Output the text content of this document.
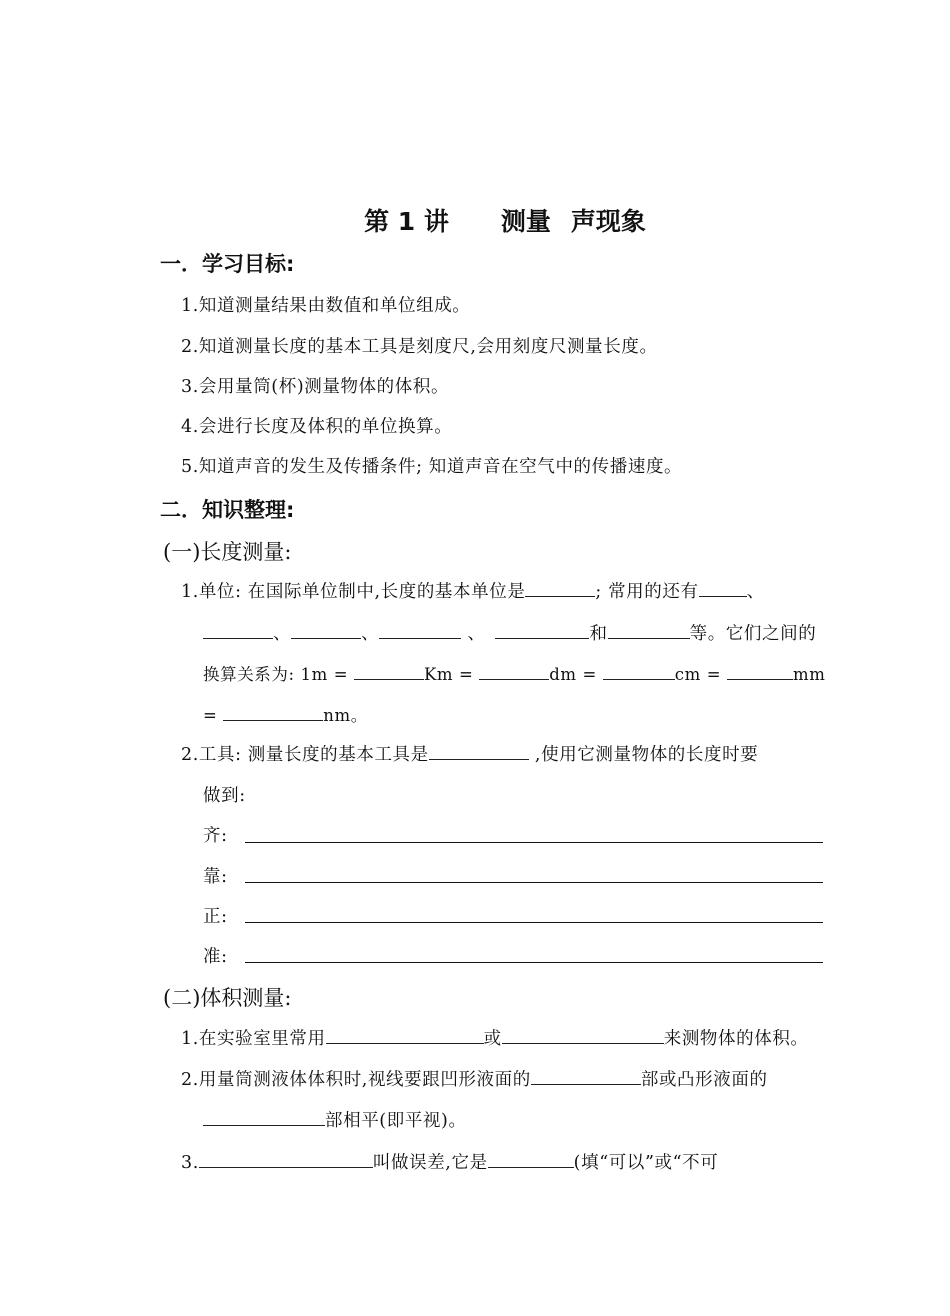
第 1 讲 测量 声现象
一．学习目标:
1.知道测量结果由数值和单位组成。
2.知道测量长度的基本工具是刻度尺,会用刻度尺测量长度。
3.会用量筒(杯)测量物体的体积。
4.会进行长度及体积的单位换算。
5.知道声音的发生及传播条件; 知道声音在空气中的传播速度。
二．知识整理:
(一)长度测量:
1.单位: 在国际单位制中,长度的基本单位是	; 常用的还有	、
、	、	、	和	等。它们之间的
换算关系为: 1m =	Km =	dm =	cm =	mm
=	nm。
2.工具: 测量长度的基本工具是	,使用它测量物体的长度时要
做到:
齐:
靠:
正:
准:
(二)体积测量:
1.在实验室里常用	或	来测物体的体积。
2.用量筒测液体体积时,视线要跟凹形液面的	部或凸形液面的
部相平(即平视)。
3.	叫做误差,它是	(填“可以”或“不可
